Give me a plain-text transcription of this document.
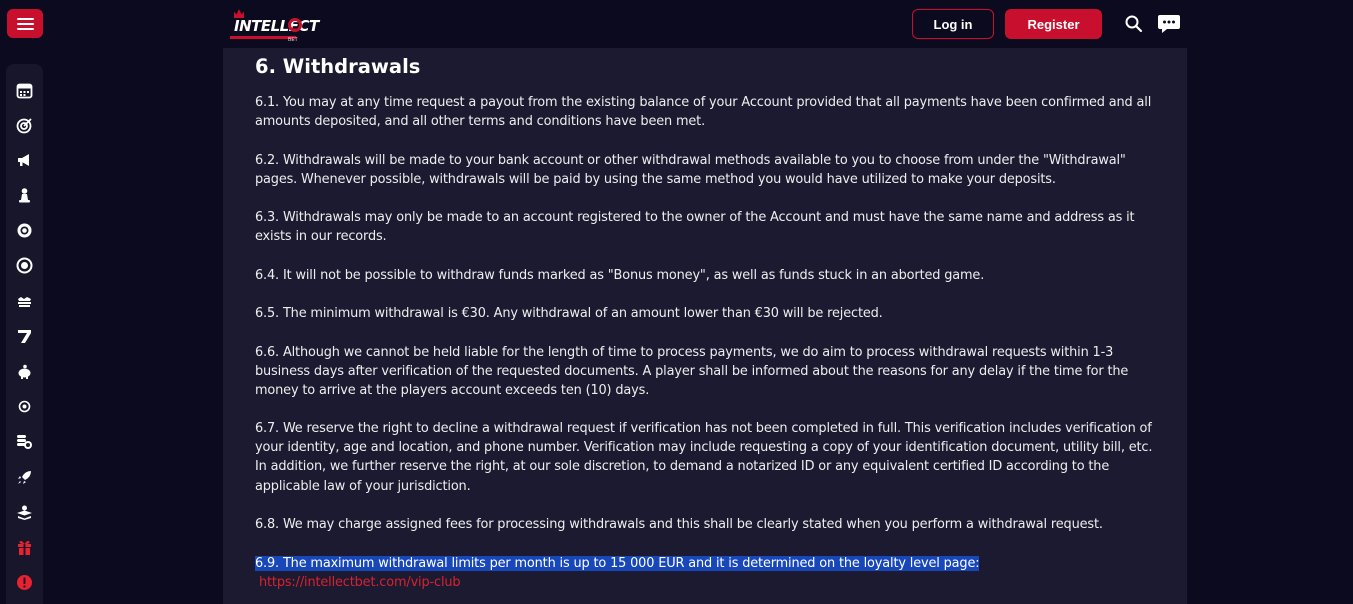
INTELLECT
BET
Log in	Register
6. Withdrawals

6.1. You may at any time request a payout from the existing balance of your Account provided that all payments have been confirmed and all amounts deposited, and all other terms and conditions have been met.

6.2. Withdrawals will be made to your bank account or other withdrawal methods available to you to choose from under the "Withdrawal" pages. Whenever possible, withdrawals will be paid by using the same method you would have utilized to make your deposits.

6.3. Withdrawals may only be made to an account registered to the owner of the Account and must have the same name and address as it exists in our records.

6.4. It will not be possible to withdraw funds marked as "Bonus money", as well as funds stuck in an aborted game.

6.5. The minimum withdrawal is €30. Any withdrawal of an amount lower than €30 will be rejected.

6.6. Although we cannot be held liable for the length of time to process payments, we do aim to process withdrawal requests within 1-3 business days after verification of the requested documents. A player shall be informed about the reasons for any delay if the time for the money to arrive at the players account exceeds ten (10) days.

6.7. We reserve the right to decline a withdrawal request if verification has not been completed in full. This verification includes verification of your identity, age and location, and phone number. Verification may include requesting a copy of your identification document, utility bill, etc. In addition, we further reserve the right, at our sole discretion, to demand a notarized ID or any equivalent certified ID according to the applicable law of your jurisdiction.

6.8. We may charge assigned fees for processing withdrawals and this shall be clearly stated when you perform a withdrawal request.

6.9. The maximum withdrawal limits per month is up to 15 000 EUR and it is determined on the loyalty level page:
https://intellectbet.com/vip-club
